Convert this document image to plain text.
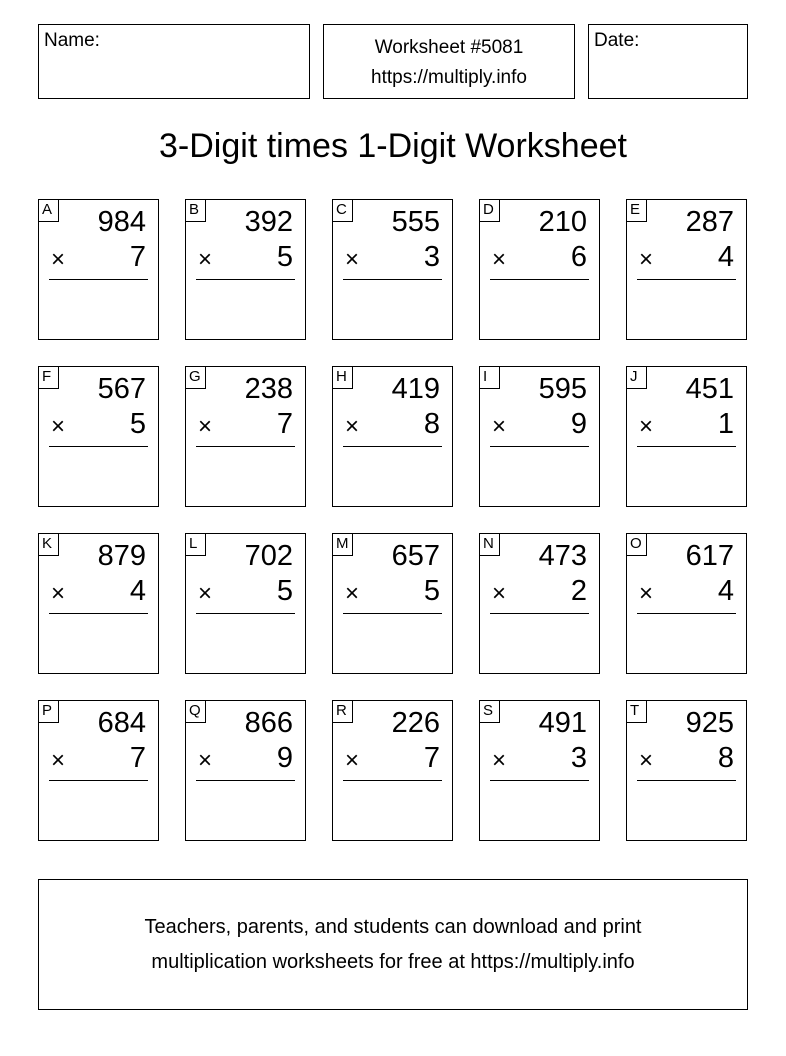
Name:	Worksheet #5081
https://multiply.info
Date:
3-Digit times 1-Digit Worksheet
A 984
× 7
B 392
× 5
C 555
× 3
D 210
× 6
E 287
× 4
F 567
× 5
G 238
× 7
H 419
× 8
I	595
× 9
J	451
× 1
K 879
× 4
L 702
× 5
M 657
× 5
N 473
× 2
O 617
× 4
P 684
× 7
Q 866
× 9
R 226
× 7
S 491
× 3
T 925
× 8
Teachers, parents, and students can download and print
multiplication worksheets for free at https://multiply.info
